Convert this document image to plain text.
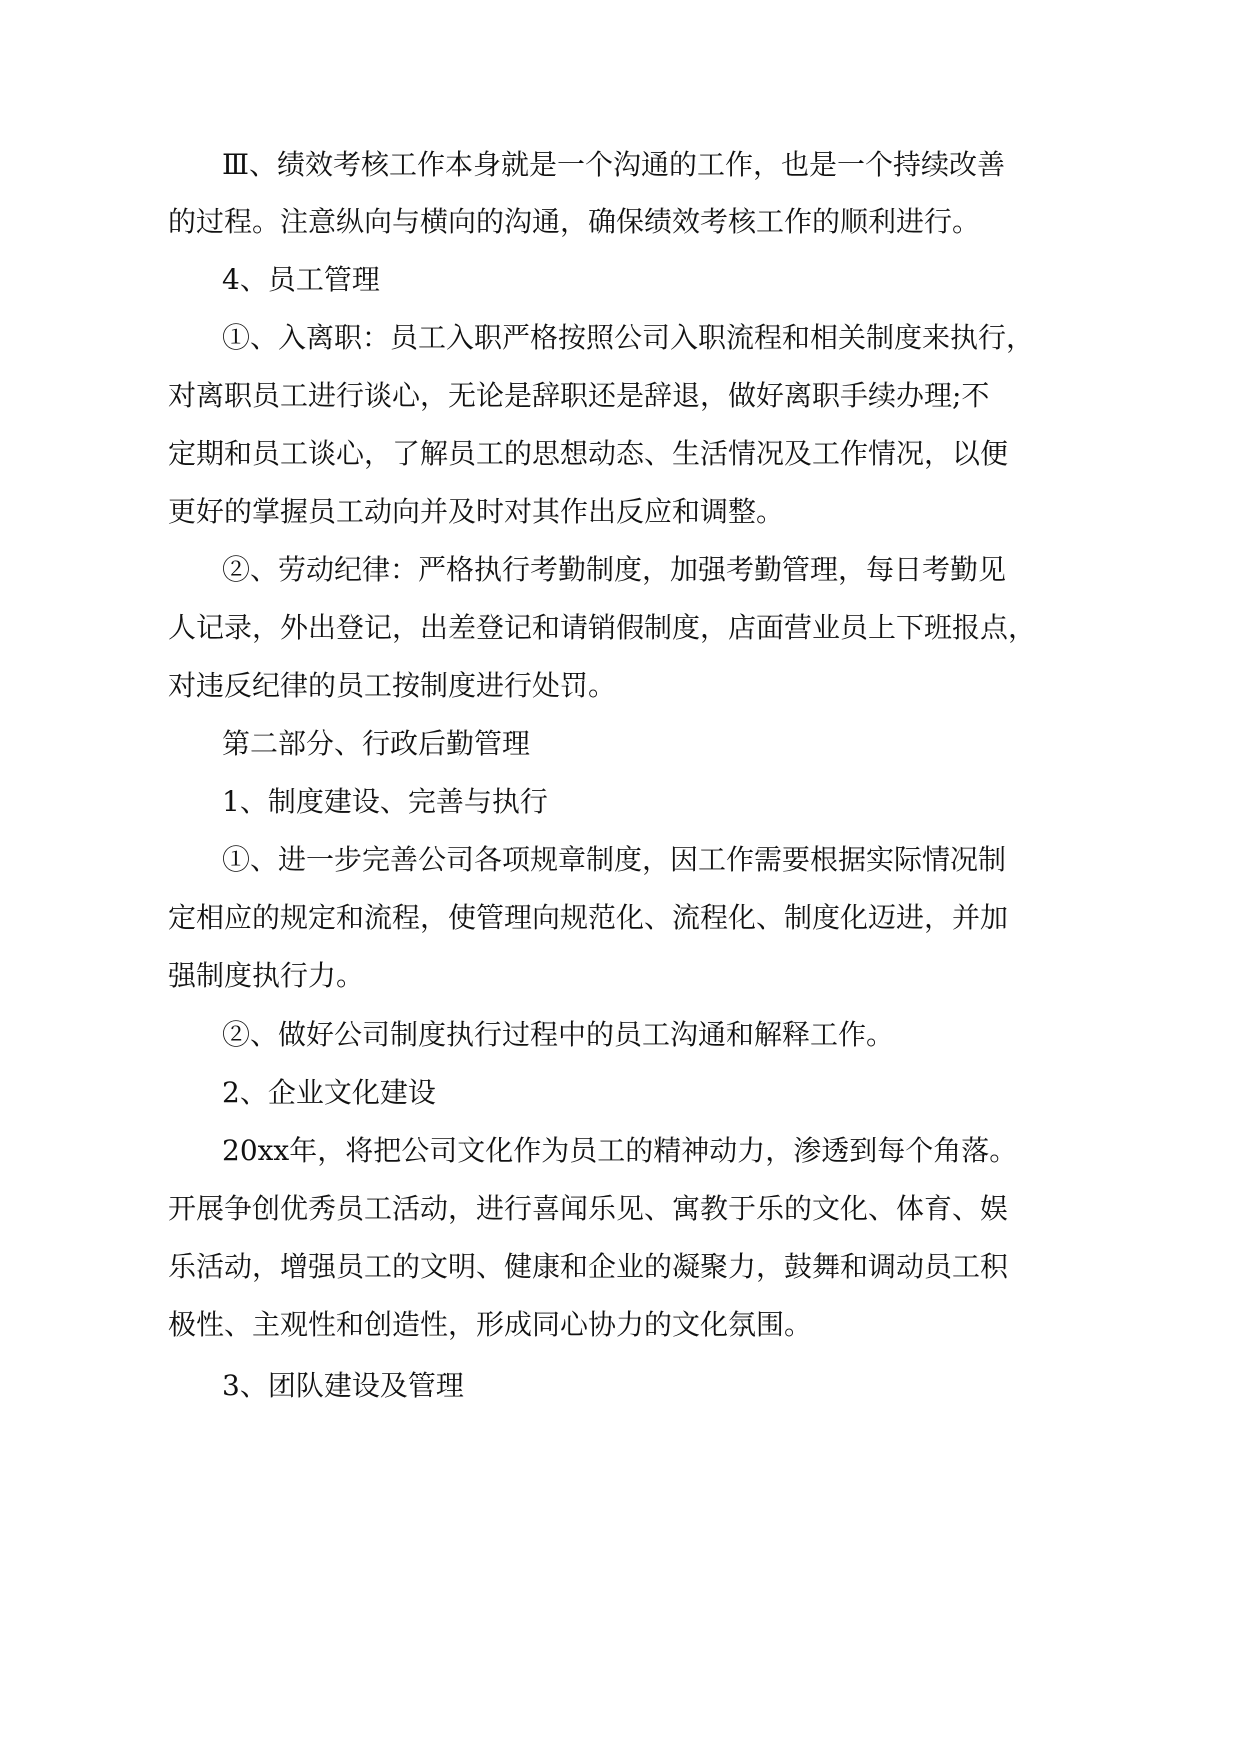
Ⅲ、绩效考核工作本身就是一个沟通的工作，也是一个持续改善

的过程。注意纵向与横向的沟通，确保绩效考核工作的顺利进行。

4、员工管理

①、入离职：员工入职严格按照公司入职流程和相关制度来执行，

对离职员工进行谈心，无论是辞职还是辞退，做好离职手续办理;不

定期和员工谈心，了解员工的思想动态、生活情况及工作情况，以便

更好的掌握员工动向并及时对其作出反应和调整。

②、劳动纪律：严格执行考勤制度，加强考勤管理，每日考勤见

人记录，外出登记，出差登记和请销假制度，店面营业员上下班报点，

对违反纪律的员工按制度进行处罚。

第二部分、行政后勤管理

1、制度建设、完善与执行

①、进一步完善公司各项规章制度，因工作需要根据实际情况制

定相应的规定和流程，使管理向规范化、流程化、制度化迈进，并加

强制度执行力。

②、做好公司制度执行过程中的员工沟通和解释工作。

2、企业文化建设

20xx年，将把公司文化作为员工的精神动力，渗透到每个角落。

开展争创优秀员工活动，进行喜闻乐见、寓教于乐的文化、体育、娱

乐活动，增强员工的文明、健康和企业的凝聚力，鼓舞和调动员工积

极性、主观性和创造性，形成同心协力的文化氛围。

3、团队建设及管理
